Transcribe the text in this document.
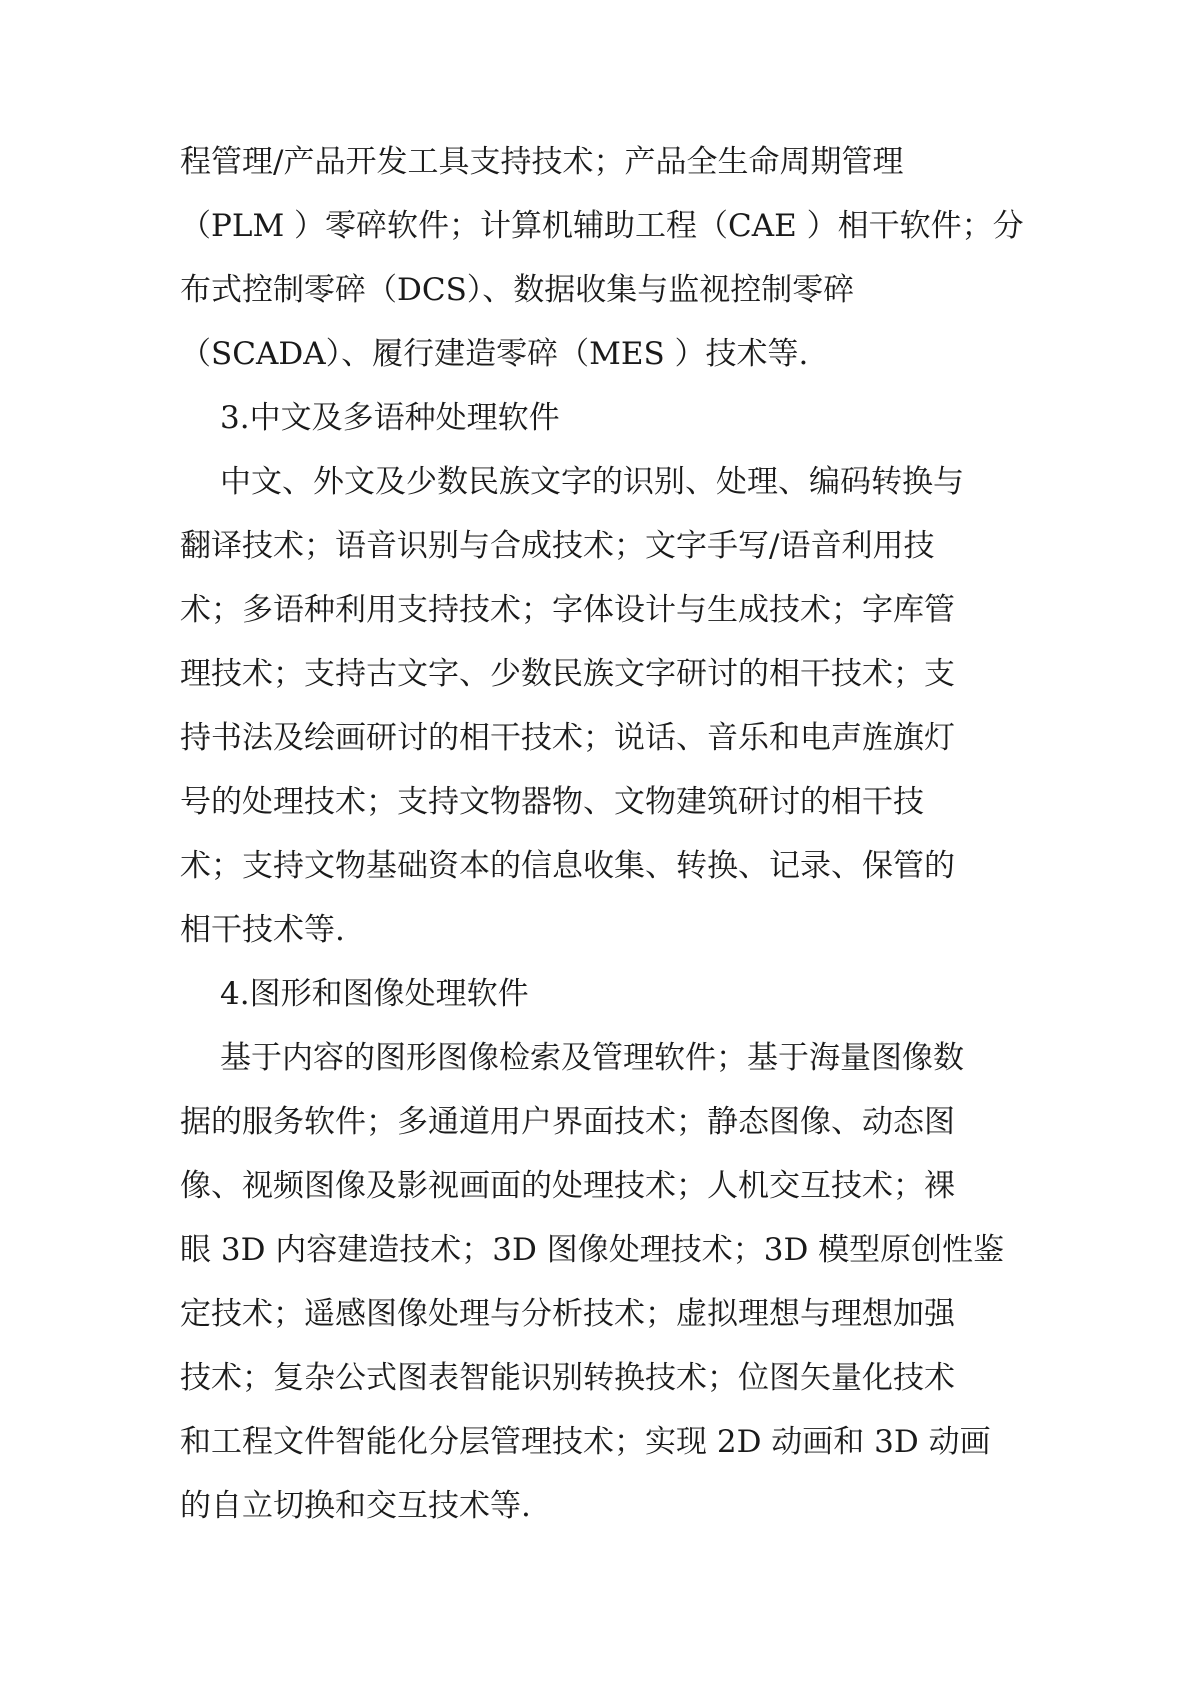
程管理/产品开发工具支持技术；产品全生命周期管理
（PLM ）零碎软件；计算机辅助工程（CAE ）相干软件；分
布式控制零碎（DCS）、数据收集与监视控制零碎
（SCADA）、履行建造零碎（MES ）技术等.
3.中文及多语种处理软件
中文、外文及少数民族文字的识别、处理、编码转换与
翻译技术；语音识别与合成技术；文字手写/语音利用技
术；多语种利用支持技术；字体设计与生成技术；字库管
理技术；支持古文字、少数民族文字研讨的相干技术；支
持书法及绘画研讨的相干技术；说话、音乐和电声旌旗灯
号的处理技术；支持文物器物、文物建筑研讨的相干技
术；支持文物基础资本的信息收集、转换、记录、保管的
相干技术等.
4.图形和图像处理软件
基于内容的图形图像检索及管理软件；基于海量图像数
据的服务软件；多通道用户界面技术；静态图像、动态图
像、视频图像及影视画面的处理技术；人机交互技术；裸
眼 3D 内容建造技术；3D 图像处理技术；3D 模型原创性鉴
定技术；遥感图像处理与分析技术；虚拟理想与理想加强
技术；复杂公式图表智能识别转换技术；位图矢量化技术
和工程文件智能化分层管理技术；实现 2D 动画和 3D 动画
的自立切换和交互技术等.
